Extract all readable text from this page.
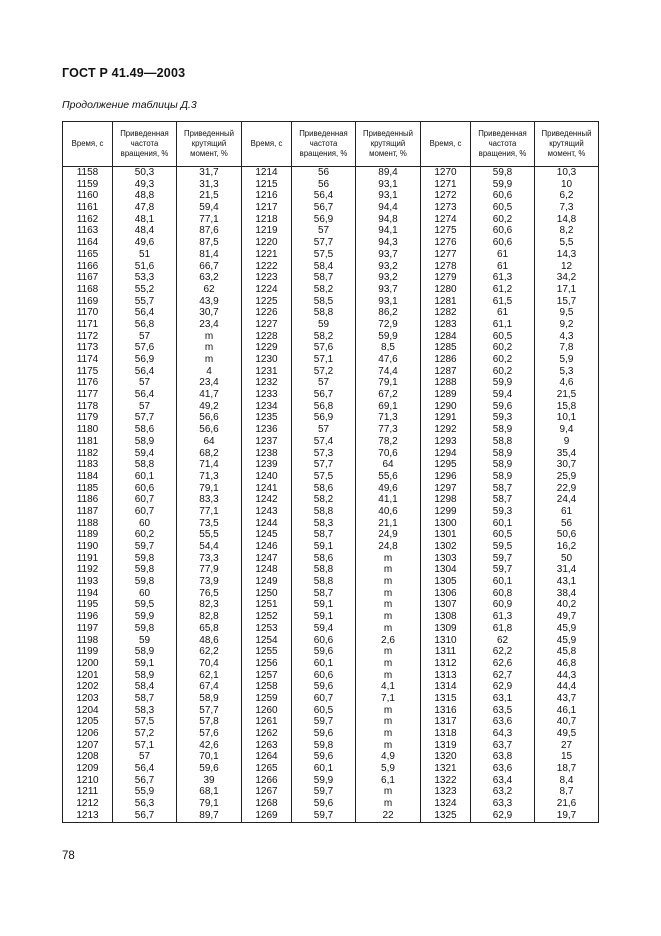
ГОСТ Р 41.49—2003
Продолжение таблицы Д.3
Время, с	Приведенная частота вращения, %	Приведенный крутящий момент, %	Время, с	Приведенная частота вращения, %	Приведенный крутящий момент, %	Время, с	Приведенная частота вращения, %	Приведенный крутящий момент, %
1158	50,3	31,7	1214	56	89,4	1270	59,8	10,3
1159	49,3	31,3	1215	56	93,1	1271	59,9	10
1160	48,8	21,5	1216	56,4	93,1	1272	60,6	6,2
1161	47,8	59,4	1217	56,7	94,4	1273	60,5	7,3
1162	48,1	77,1	1218	56,9	94,8	1274	60,2	14,8
1163	48,4	87,6	1219	57	94,1	1275	60,6	8,2
1164	49,6	87,5	1220	57,7	94,3	1276	60,6	5,5
1165	51	81,4	1221	57,5	93,7	1277	61	14,3
1166	51,6	66,7	1222	58,4	93,2	1278	61	12
1167	53,3	63,2	1223	58,7	93,2	1279	61,3	34,2
1168	55,2	62	1224	58,2	93,7	1280	61,2	17,1
1169	55,7	43,9	1225	58,5	93,1	1281	61,5	15,7
1170	56,4	30,7	1226	58,8	86,2	1282	61	9,5
1171	56,8	23,4	1227	59	72,9	1283	61,1	9,2
1172	57	m	1228	58,2	59,9	1284	60,5	4,3
1173	57,6	m	1229	57,6	8,5	1285	60,2	7,8
1174	56,9	m	1230	57,1	47,6	1286	60,2	5,9
1175	56,4	4	1231	57,2	74,4	1287	60,2	5,3
1176	57	23,4	1232	57	79,1	1288	59,9	4,6
1177	56,4	41,7	1233	56,7	67,2	1289	59,4	21,5
1178	57	49,2	1234	56,8	69,1	1290	59,6	15,8
1179	57,7	56,6	1235	56,9	71,3	1291	59,3	10,1
1180	58,6	56,6	1236	57	77,3	1292	58,9	9,4
1181	58,9	64	1237	57,4	78,2	1293	58,8	9
1182	59,4	68,2	1238	57,3	70,6	1294	58,9	35,4
1183	58,8	71,4	1239	57,7	64	1295	58,9	30,7
1184	60,1	71,3	1240	57,5	55,6	1296	58,9	25,9
1185	60,6	79,1	1241	58,6	49,6	1297	58,7	22,9
1186	60,7	83,3	1242	58,2	41,1	1298	58,7	24,4
1187	60,7	77,1	1243	58,8	40,6	1299	59,3	61
1188	60	73,5	1244	58,3	21,1	1300	60,1	56
1189	60,2	55,5	1245	58,7	24,9	1301	60,5	50,6
1190	59,7	54,4	1246	59,1	24,8	1302	59,5	16,2
1191	59,8	73,3	1247	58,6	m	1303	59,7	50
1192	59,8	77,9	1248	58,8	m	1304	59,7	31,4
1193	59,8	73,9	1249	58,8	m	1305	60,1	43,1
1194	60	76,5	1250	58,7	m	1306	60,8	38,4
1195	59,5	82,3	1251	59,1	m	1307	60,9	40,2
1196	59,9	82,8	1252	59,1	m	1308	61,3	49,7
1197	59,8	65,8	1253	59,4	m	1309	61,8	45,9
1198	59	48,6	1254	60,6	2,6	1310	62	45,9
1199	58,9	62,2	1255	59,6	m	1311	62,2	45,8
1200	59,1	70,4	1256	60,1	m	1312	62,6	46,8
1201	58,9	62,1	1257	60,6	m	1313	62,7	44,3
1202	58,4	67,4	1258	59,6	4,1	1314	62,9	44,4
1203	58,7	58,9	1259	60,7	7,1	1315	63,1	43,7
1204	58,3	57,7	1260	60,5	m	1316	63,5	46,1
1205	57,5	57,8	1261	59,7	m	1317	63,6	40,7
1206	57,2	57,6	1262	59,6	m	1318	64,3	49,5
1207	57,1	42,6	1263	59,8	m	1319	63,7	27
1208	57	70,1	1264	59,6	4,9	1320	63,8	15
1209	56,4	59,6	1265	60,1	5,9	1321	63,6	18,7
1210	56,7	39	1266	59,9	6,1	1322	63,4	8,4
1211	55,9	68,1	1267	59,7	m	1323	63,2	8,7
1212	56,3	79,1	1268	59,6	m	1324	63,3	21,6
1213	56,7	89,7	1269	59,7	22	1325	62,9	19,7
78
